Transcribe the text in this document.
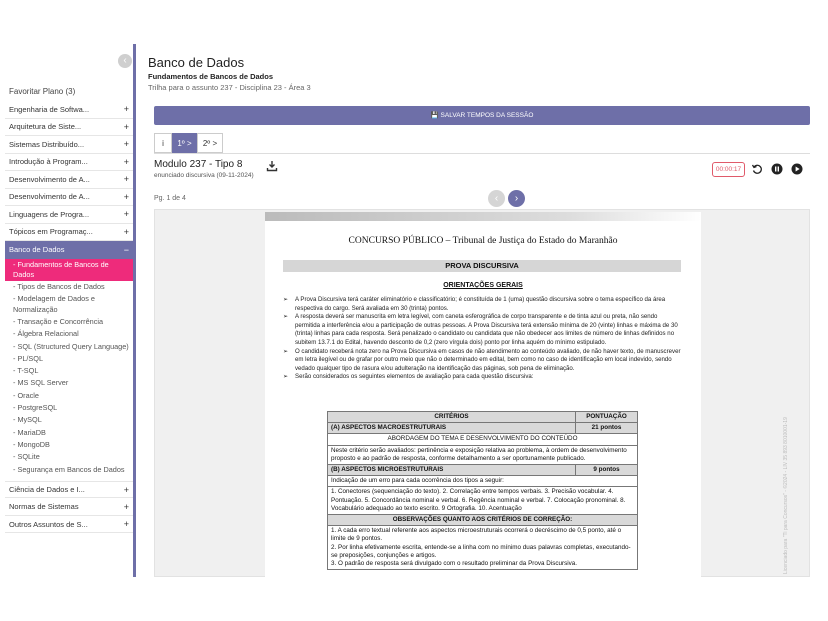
‹
Favoritar Plano (3)
Engenharia de Softwa...	+
Arquitetura de Siste...	+
Sistemas Distribuído...	+
Introdução à Program...	+
Desenvolvimento de A...	+
Desenvolvimento de A...	+
Linguagens de Progra...	+
Tópicos em Programaç...	+
Banco de Dados	−
- Fundamentos de Bancos de Dados
- Tipos de Bancos de Dados
- Modelagem de Dados e Normalização
- Transação e Concorrência
- Álgebra Relacional
- SQL (Structured Query Language)
- PL/SQL
- T-SQL
- MS SQL Server
- Oracle
- PostgreSQL
- MySQL
- MariaDB
- MongoDB
- SQLite
- Segurança em Bancos de Dados
Ciência de Dados e I...	+
Normas de Sistemas	+
Outros Assuntos de S...	+
Banco de Dados
Fundamentos de Bancos de Dados
Trilha para o assunto 237 - Disciplina 23 - Área 3
💾 SALVAR TEMPOS DA SESSÃO
i	1º >	2º >
Modulo 237 - Tipo 8
enunciado discursiva (09-11-2024)
00:00:17
Pg. 1 de 4	‹	›
CONCURSO PÚBLICO – Tribunal de Justiça do Estado do Maranhão
PROVA DISCURSIVA
ORIENTAÇÕES GERAIS
➢ A Prova Discursiva terá caráter eliminatório e classificatório; é constituída de 1 (uma) questão discursiva sobre o tema específico da área respectiva do cargo. Será avaliada em 30 (trinta) pontos.
➢ A resposta deverá ser manuscrita em letra legível, com caneta esferográfica de corpo transparente e de tinta azul ou preta, não sendo permitida a interferência e/ou a participação de outras pessoas. A Prova Discursiva terá extensão mínima de 20 (vinte) linhas e máxima de 30 (trinta) linhas para cada resposta. Será penalizado o candidato ou candidata que não obedecer aos limites de número de linhas definidos no subitem 13.7.1 do Edital, havendo desconto de 0,2 (zero vírgula dois) ponto por linha aquém do mínimo estipulado.
➢ O candidato receberá nota zero na Prova Discursiva em casos de não atendimento ao conteúdo avaliado, de não haver texto, de manuscrever em letra ilegível ou de grafar por outro meio que não o determinado em edital, bem como no caso de identificação em local indevido, sendo vedado qualquer tipo de rasura e/ou adulteração na identificação das páginas, sob pena de eliminação.
➢ Serão considerados os seguintes elementos de avaliação para cada questão discursiva:
CRITÉRIOS	PONTUAÇÃO
(A) ASPECTOS MACROESTRUTURAIS	21 pontos
ABORDAGEM DO TEMA E DESENVOLVIMENTO DO CONTEÚDO	
Neste critério serão avaliados: pertinência e exposição relativa ao problema, à ordem de desenvolvimento proposto e ao padrão de resposta, conforme detalhamento a ser oportunamente publicado.	
(B) ASPECTOS MICROESTRUTURAIS	9 pontos
Indicação de um erro para cada ocorrência dos tipos a seguir:	
1. Conectores (sequenciação do texto). 2. Correlação entre tempos verbais. 3. Precisão vocabular. 4. Pontuação. 5. Concordância nominal e verbal. 6. Regência nominal e verbal. 7. Colocação pronominal. 8. Vocabulário adequado ao texto escrito. 9 Ortografia. 10. Acentuação	
OBSERVAÇÕES QUANTO AOS CRITÉRIOS DE CORREÇÃO:	

1. A cada erro textual referente aos aspectos microestruturais ocorrerá o decréscimo de 0,5 ponto, até o limite de 9 pontos.
2. Por linha efetivamente escrita, entende-se a linha com no mínimo duas palavras completas, executando-se preposições, conjunções e artigos.
3. O padrão de resposta será divulgado com o resultado preliminar da Prova Discursiva.		Licenciado para "Ti para Concursos" - ©2024 - LIV 35 893 8010001-19
